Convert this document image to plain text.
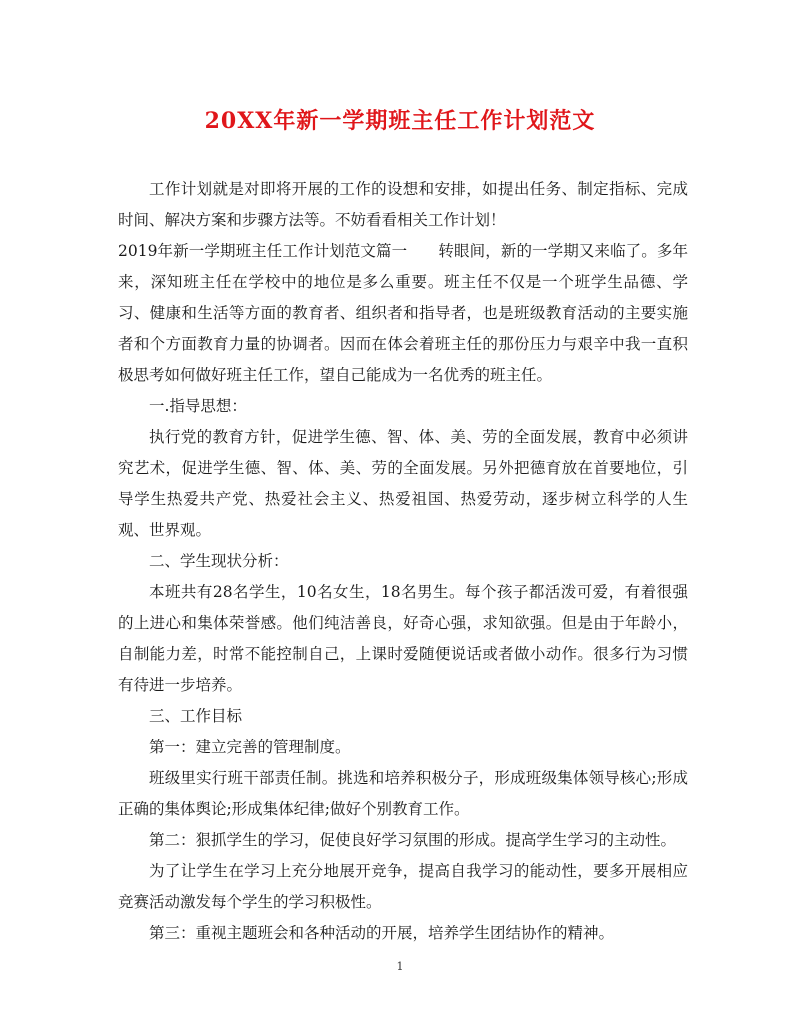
20XX年新一学期班主任工作计划范文

工作计划就是对即将开展的工作的设想和安排，如提出任务、制定指标、完成时间、解决方案和步骤方法等。不妨看看相关工作计划！

2019年新一学期班主任工作计划范文篇一　　转眼间，新的一学期又来临了。多年来，深知班主任在学校中的地位是多么重要。班主任不仅是一个班学生品德、学习、健康和生活等方面的教育者、组织者和指导者，也是班级教育活动的主要实施者和个方面教育力量的协调者。因而在体会着班主任的那份压力与艰辛中我一直积极思考如何做好班主任工作，望自己能成为一名优秀的班主任。

一.指导思想：

执行党的教育方针，促进学生德、智、体、美、劳的全面发展，教育中必须讲究艺术，促进学生德、智、体、美、劳的全面发展。另外把德育放在首要地位，引导学生热爱共产党、热爱社会主义、热爱祖国、热爱劳动，逐步树立科学的人生观、世界观。

二、学生现状分析：

本班共有28名学生，10名女生，18名男生。每个孩子都活泼可爱，有着很强的上进心和集体荣誉感。他们纯洁善良，好奇心强，求知欲强。但是由于年龄小，自制能力差，时常不能控制自己，上课时爱随便说话或者做小动作。很多行为习惯有待进一步培养。

三、工作目标

第一：建立完善的管理制度。

班级里实行班干部责任制。挑选和培养积极分子，形成班级集体领导核心;形成正确的集体舆论;形成集体纪律;做好个别教育工作。

第二：狠抓学生的学习，促使良好学习氛围的形成。提高学生学习的主动性。

为了让学生在学习上充分地展开竞争，提高自我学习的能动性，要多开展相应竞赛活动激发每个学生的学习积极性。

第三：重视主题班会和各种活动的开展，培养学生团结协作的精神。

1
